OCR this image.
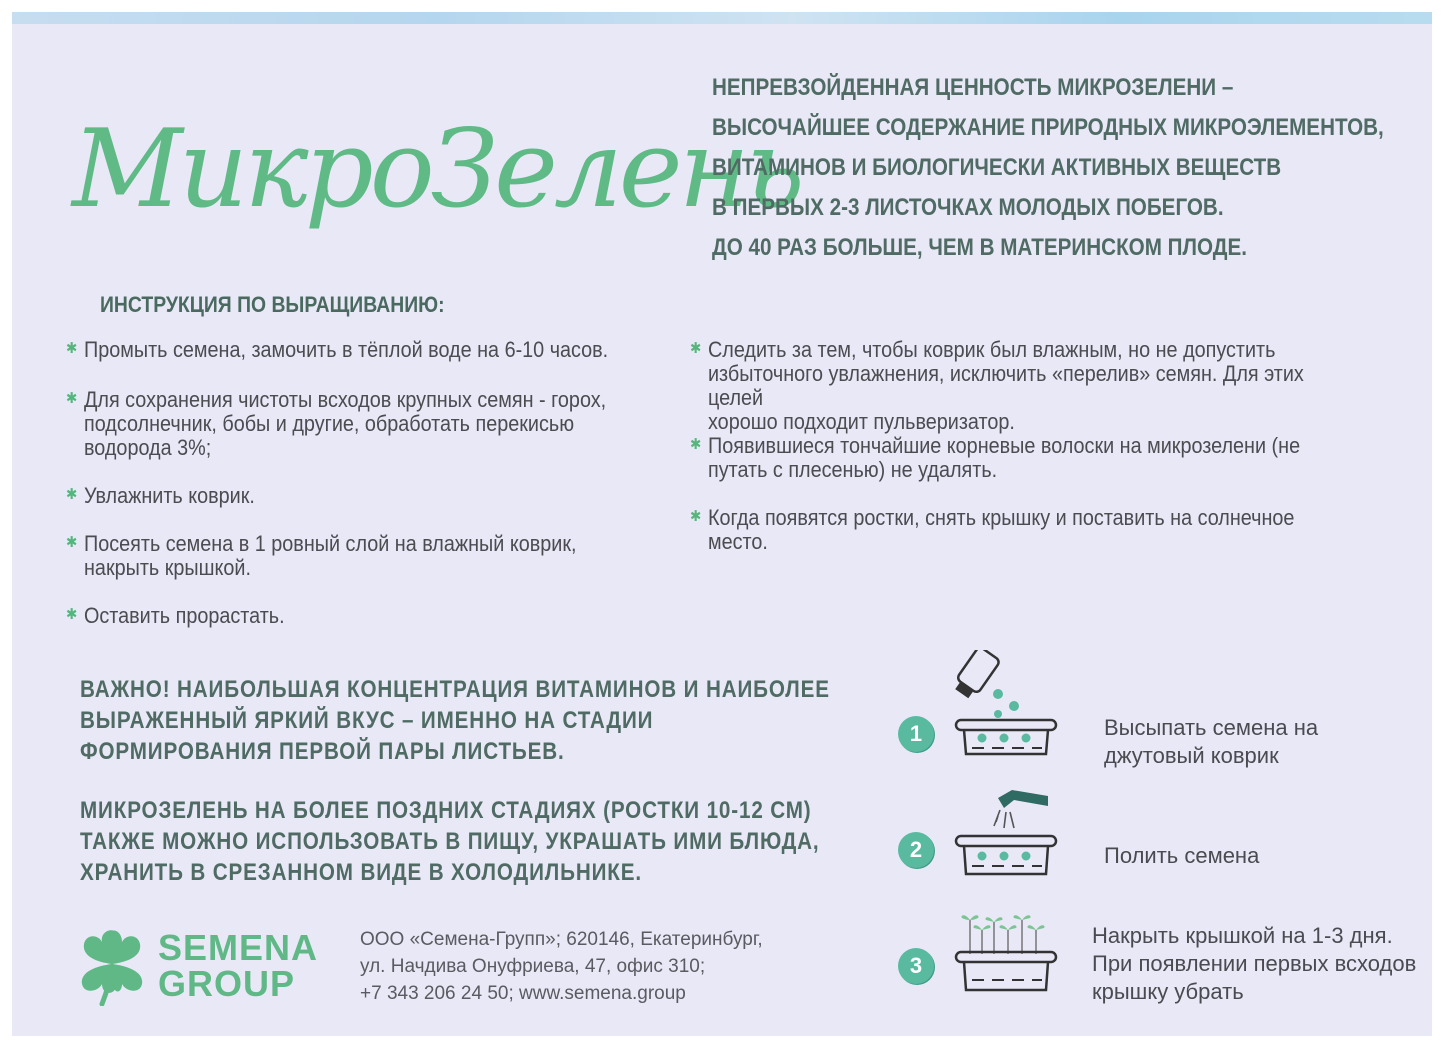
МикроЗелень
НЕПРЕВЗОЙДЕННАЯ ЦЕННОСТЬ МИКРОЗЕЛЕНИ –
ВЫСОЧАЙШЕЕ СОДЕРЖАНИЕ ПРИРОДНЫХ МИКРОЭЛЕМЕНТОВ,
ВИТАМИНОВ И БИОЛОГИЧЕСКИ АКТИВНЫХ ВЕЩЕСТВ
В ПЕРВЫХ 2-3 ЛИСТОЧКАХ МОЛОДЫХ ПОБЕГОВ.
ДО 40 РАЗ БОЛЬШЕ, ЧЕМ В МАТЕРИНСКОМ ПЛОДЕ.
ИНСТРУКЦИЯ ПО ВЫРАЩИВАНИЮ:
✱ Промыть семена, замочить в тёплой воде на 6-10 часов.
✱ Для сохранения чистоты всходов крупных семян - горох,
подсолнечник, бобы и другие, обработать перекисью
водорода 3%;
✱ Увлажнить коврик.
✱ Посеять семена в 1 ровный слой на влажный коврик,
накрыть крышкой.
✱ Оставить прорастать.
✱ Следить за тем, чтобы коврик был влажным, но не допустить
избыточного увлажнения, исключить «перелив» семян. Для этих целей
хорошо подходит пульверизатор.
✱ Появившиеся тончайшие корневые волоски на микрозелени (не
путать с плесенью) не удалять.
✱ Когда появятся ростки, снять крышку и поставить на солнечное место.
ВАЖНО! НАИБОЛЬШАЯ КОНЦЕНТРАЦИЯ ВИТАМИНОВ И НАИБОЛЕЕ
ВЫРАЖЕННЫЙ ЯРКИЙ ВКУС – ИМЕННО НА СТАДИИ
ФОРМИРОВАНИЯ ПЕРВОЙ ПАРЫ ЛИСТЬЕВ.
МИКРОЗЕЛЕНЬ НА БОЛЕЕ ПОЗДНИХ СТАДИЯХ (РОСТКИ 10-12 СМ)
ТАКЖЕ МОЖНО ИСПОЛЬЗОВАТЬ В ПИЩУ, УКРАШАТЬ ИМИ БЛЮДА,
ХРАНИТЬ В СРЕЗАННОМ ВИДЕ В ХОЛОДИЛЬНИКЕ.
SEMENA
GROUP
ООО «Семена-Групп»; 620146, Екатеринбург,
ул. Начдива Онуфриева, 47, офис 310;
+7 343 206 24 50; www.semena.group
1	Высыпать семена на
джутовый коврик
2	Полить семена
3
Накрыть крышкой на 1-3 дня.
При появлении первых всходов
крышку убрать
